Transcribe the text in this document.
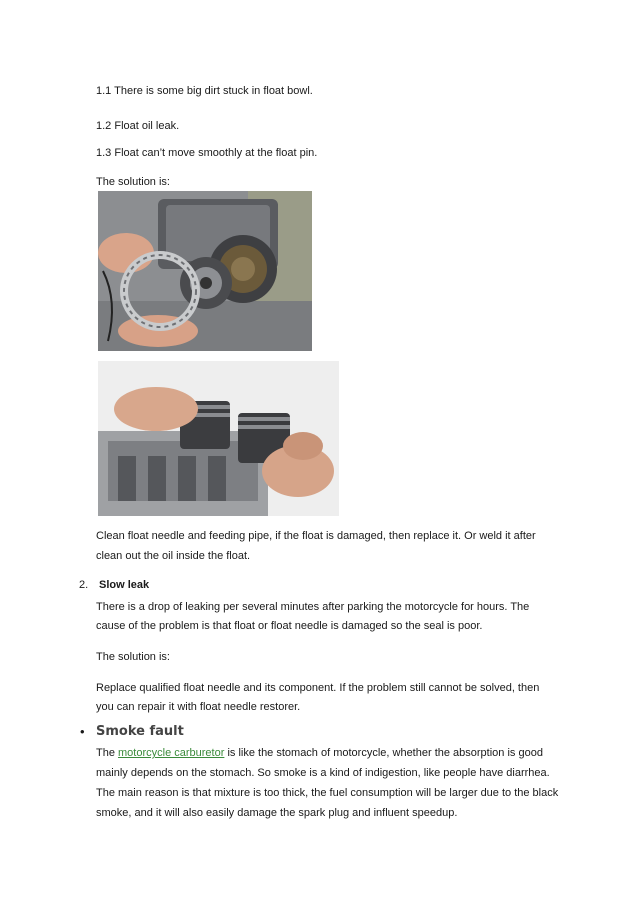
1.1 There is some big dirt stuck in float bowl.
1.2 Float oil leak.
1.3 Float can’t move smoothly at the float pin.
The solution is:
Clean float needle and feeding pipe, if the float is damaged, then replace it. Or weld it after
clean out the oil inside the float.
2. Slow leak
There is a drop of leaking per several minutes after parking the motorcycle for hours. The
cause of the problem is that float or float needle is damaged so the seal is poor.
The solution is:
Replace qualified float needle and its component. If the problem still cannot be solved, then
you can repair it with float needle restorer.
• Smoke fault
The motorcycle carburetor is like the stomach of motorcycle, whether the absorption is good
mainly depends on the stomach. So smoke is a kind of indigestion, like people have diarrhea.
The main reason is that mixture is too thick, the fuel consumption will be larger due to the black
smoke, and it will also easily damage the spark plug and influent speedup.
